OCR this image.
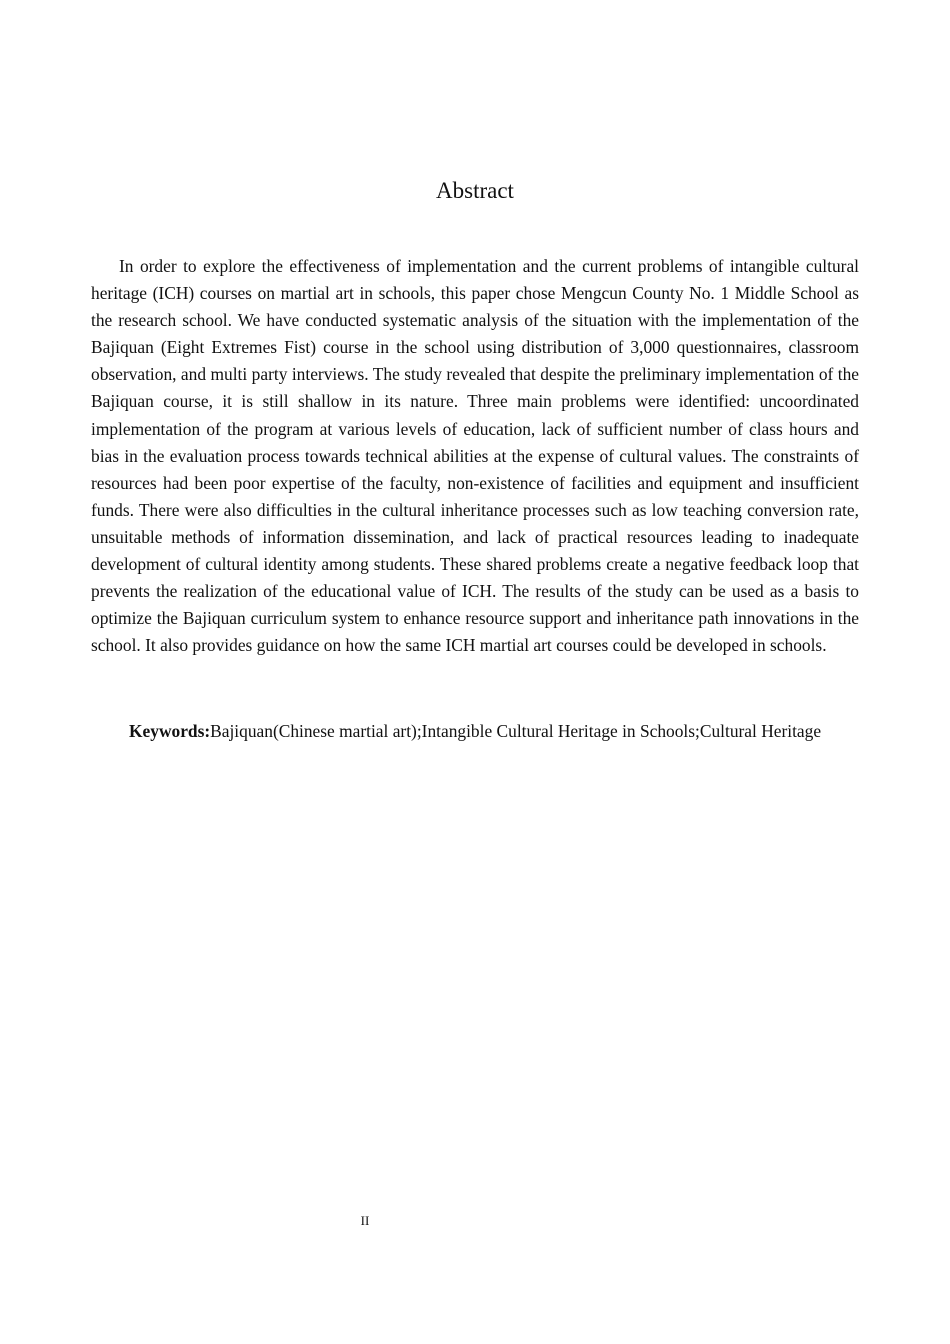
Abstract

In order to explore the effectiveness of implementation and the current problems of intangible cultural heritage (ICH) courses on martial art in schools, this paper chose Mengcun County No. 1 Middle School as the research school. We have conducted systematic analysis of the situation with the implementation of the Bajiquan (Eight Extremes Fist) course in the school using distribution of 3,000 questionnaires, classroom observation, and multi party interviews. The study revealed that despite the preliminary implementation of the Bajiquan course, it is still shallow in its nature. Three main problems were identified: uncoordinated implementation of the program at various levels of education, lack of sufficient number of class hours and bias in the evaluation process towards technical abilities at the expense of cultural values. The constraints of resources had been poor expertise of the faculty, non-existence of facilities and equipment and insufficient funds. There were also difficulties in the cultural inheritance processes such as low teaching conversion rate, unsuitable methods of information dissemination, and lack of practical resources leading to inadequate development of cultural identity among students. These shared problems create a negative feedback loop that prevents the realization of the educational value of ICH. The results of the study can be used as a basis to optimize the Bajiquan curriculum system to enhance resource support and inheritance path innovations in the school. It also provides guidance on how the same ICH martial art courses could be developed in schools.

Keywords:Bajiquan(Chinese martial art);Intangible Cultural Heritage in Schools;Cultural Heritage

II
